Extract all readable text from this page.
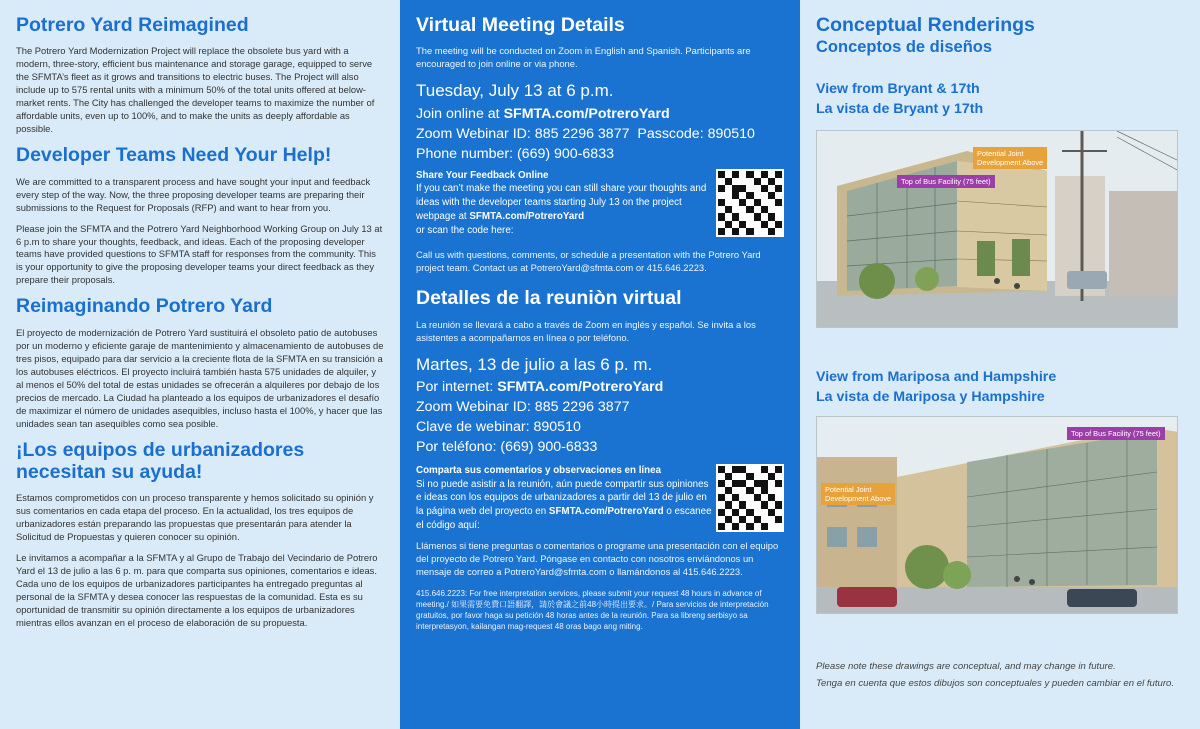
Potrero Yard Reimagined

The Potrero Yard Modernization Project will replace the obsolete bus yard with a modern, three-story, efficient bus maintenance and storage garage, equipped to serve the SFMTA’s fleet as it grows and transitions to electric buses. The Project will also include up to 575 rental units with a minimum 50% of the total units offered at below-market rents. The City has challenged the developer teams to maximize the number of affordable units, even up to 100%, and to make the units as deeply affordable as possible.

Developer Teams Need Your Help!

We are committed to a transparent process and have sought your input and feedback every step of the way. Now, the three proposing developer teams are preparing their submissions to the Request for Proposals (RFP) and want to hear from you.

Please join the SFMTA and the Potrero Yard Neighborhood Working Group on July 13 at 6 p.m to share your thoughts, feedback, and ideas. Each of the proposing developer teams have provided questions to SFMTA staff for responses from the community. This is your opportunity to give the proposing developer teams your direct feedback as they prepare their proposals.

Reimaginando Potrero Yard

El proyecto de modernización de Potrero Yard sustituirá el obsoleto patio de autobuses por un moderno y eficiente garaje de mantenimiento y almacenamiento de autobuses de tres pisos, equipado para dar servicio a la creciente flota de la SFMTA en su transición a los autobuses eléctricos. El proyecto incluirá también hasta 575 unidades de alquiler, y al menos el 50% del total de estas unidades se ofrecerán a alquileres por debajo de los precios de mercado. La Ciudad ha planteado a los equipos de urbanizadores el desafío de maximizar el número de unidades asequibles, incluso hasta el 100%, y hacer que las unidades sean tan asequibles como sea posible.

¡Los equipos de urbanizadores necesitan su ayuda!

Estamos comprometidos con un proceso transparente y hemos solicitado su opinión y sus comentarios en cada etapa del proceso. En la actualidad, los tres equipos de urbanizadores están preparando las propuestas que presentarán para atender la Solicitud de Propuestas y quieren conocer su opinión.

Le invitamos a acompañar a la SFMTA y al Grupo de Trabajo del Vecindario de Potrero Yard el 13 de julio a las 6 p. m. para que comparta sus opiniones, comentarios e ideas. Cada uno de los equipos de urbanizadores participantes ha entregado preguntas al personal de la SFMTA y desea conocer las respuestas de la comunidad. Esta es su oportunidad de transmitir su opinión directamente a los equipos de urbanizadores mientras ellos avanzan en el proceso de elaboración de su propuesta.

Virtual Meeting Details

The meeting will be conducted on Zoom in English and Spanish. Participants are encouraged to join online or via phone.

Tuesday, July 13 at 6 p.m.
Join online at SFMTA.com/PotreroYard
Zoom Webinar ID: 885 2296 3877 Passcode: 890510
Phone number: (669) 900-6833
Share Your Feedback Online
If you can’t make the meeting you can still share your thoughts and ideas with the developer teams starting July 13 on the project webpage at SFMTA.com/PotreroYard
or scan the code here:

Call us with questions, comments, or schedule a presentation with the Potrero Yard project team. Contact us at PotreroYard@sfmta.com or 415.646.2223.

Detalles de la reuniòn virtual

La reunión se llevará a cabo a través de Zoom en inglés y español. Se invita a los asistentes a acompañarnos en línea o por teléfono.

Martes, 13 de julio a las 6 p. m.
Por internet: SFMTA.com/PotreroYard
Zoom Webinar ID: 885 2296 3877
Clave de webinar: 890510
Por teléfono: (669) 900-6833
Comparta sus comentarios y observaciones en línea
Si no puede asistir a la reunión, aún puede compartir sus opiniones e ideas con los equipos de urbanizadores a partir del 13 de julio en la página web del proyecto en SFMTA.com/PotreroYard o escanee el código aquí:

Llámenos si tiene preguntas o comentarios o programe una presentación con el equipo del proyecto de Potrero Yard. Póngase en contacto con nosotros enviándonos un mensaje de correo a PotreroYard@sfmta.com o llamándonos al 415.646.2223.

415.646.2223: For free interpretation services, please submit your request 48 hours in advance of meeting./ 如果需要免費口語翻譯，請於會議之前48小時提出要求。/ Para servicios de interpretación gratuitos, por favor haga su petición 48 horas antes de la reunión. Para sa libreng serbisyo sa interpretasyon, kailangan mag-request 48 oras bago ang miting.

Conceptual Renderings
Conceptos de diseños
View from Bryant & 17th
La vista de Bryant y 17th
Potential Joint
Development Above
Top of Bus Facility (75 feet)
View from Mariposa and Hampshire
La vista de Mariposa y Hampshire
Top of Bus Facility (75 feet)
Potential Joint
Development Above

Please note these drawings are conceptual, and may change in future.

Tenga en cuenta que estos dibujos son conceptuales y pueden cambiar en el futuro.
